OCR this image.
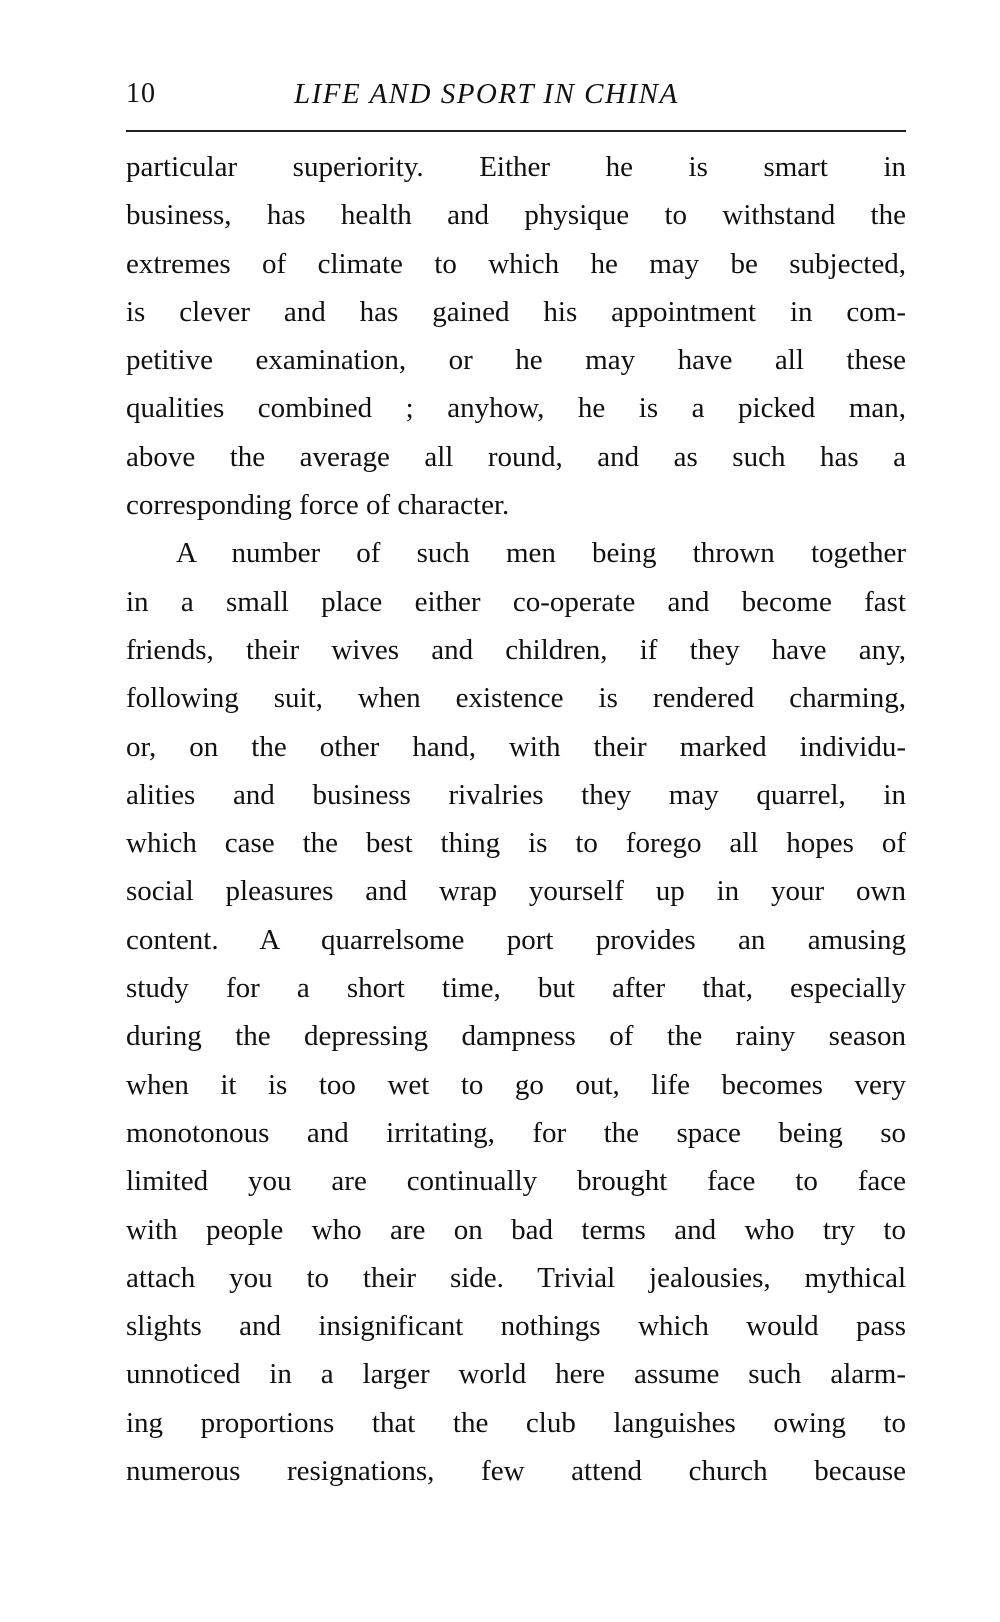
10	LIFE AND SPORT IN CHINA
particular superiority. Either he is smart in
business, has health and physique to withstand the
extremes of climate to which he may be subjected,
is clever and has gained his appointment in com-
petitive examination, or he may have all these
qualities combined ; anyhow, he is a picked man,
above the average all round, and as such has a
corresponding force of character.
A number of such men being thrown together
in a small place either co-operate and become fast
friends, their wives and children, if they have any,
following suit, when existence is rendered charming,
or, on the other hand, with their marked individu-
alities and business rivalries they may quarrel, in
which case the best thing is to forego all hopes of
social pleasures and wrap yourself up in your own
content. A quarrelsome port provides an amusing
study for a short time, but after that, especially
during the depressing dampness of the rainy season
when it is too wet to go out, life becomes very
monotonous and irritating, for the space being so
limited you are continually brought face to face
with people who are on bad terms and who try to
attach you to their side. Trivial jealousies, mythical
slights and insignificant nothings which would pass
unnoticed in a larger world here assume such alarm-
ing proportions that the club languishes owing to
numerous resignations, few attend church because
